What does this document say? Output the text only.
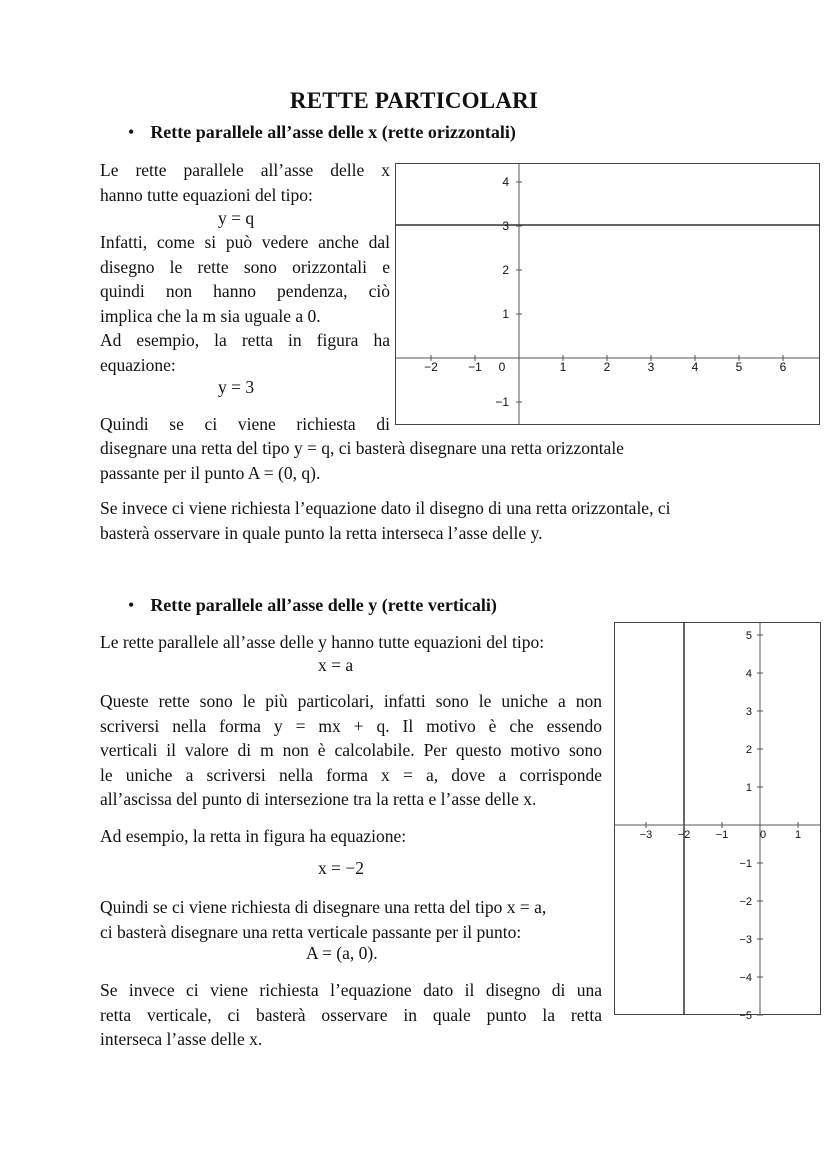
RETTE PARTICOLARI
• Rette parallele all’asse delle x (rette orizzontali)
Le rette parallele all’asse delle x
hanno tutte equazioni del tipo:
y = q
Infatti, come si può vedere anche dal
disegno le rette sono orizzontali e
quindi non hanno pendenza, ciò
implica che la m sia uguale a 0.
Ad esempio, la retta in figura ha
equazione:
y = 3
Quindi se ci viene richiesta di
disegnare una retta del tipo y = q, ci basterà disegnare una retta orizzontale
passante per il punto A = (0, q).
Se invece ci viene richiesta l’equazione dato il disegno di una retta orizzontale, ci
basterà osservare in quale punto la retta interseca l’asse delle y.
−2	−1 0	1	2	3	4	5	6
4
3
2
1
−1
• Rette parallele all’asse delle y (rette verticali)
Le rette parallele all’asse delle y hanno tutte equazioni del tipo:
x = a
Queste rette sono le più particolari, infatti sono le uniche a non
scriversi nella forma y = mx + q. Il motivo è che essendo
verticali il valore di m non è calcolabile. Per questo motivo sono
le uniche a scriversi nella forma x = a, dove a corrisponde
all’ascissa del punto di intersezione tra la retta e l’asse delle x.
Ad esempio, la retta in figura ha equazione:
x = −2
Quindi se ci viene richiesta di disegnare una retta del tipo x = a,
ci basterà disegnare una retta verticale passante per il punto:
A = (a, 0).
Se invece ci viene richiesta l’equazione dato il disegno di una
retta verticale, ci basterà osservare in quale punto la retta
interseca l’asse delle x.
−3 −2 −1	0	1
5
4
3
2
1
−1
−2
−3
−4
−5
